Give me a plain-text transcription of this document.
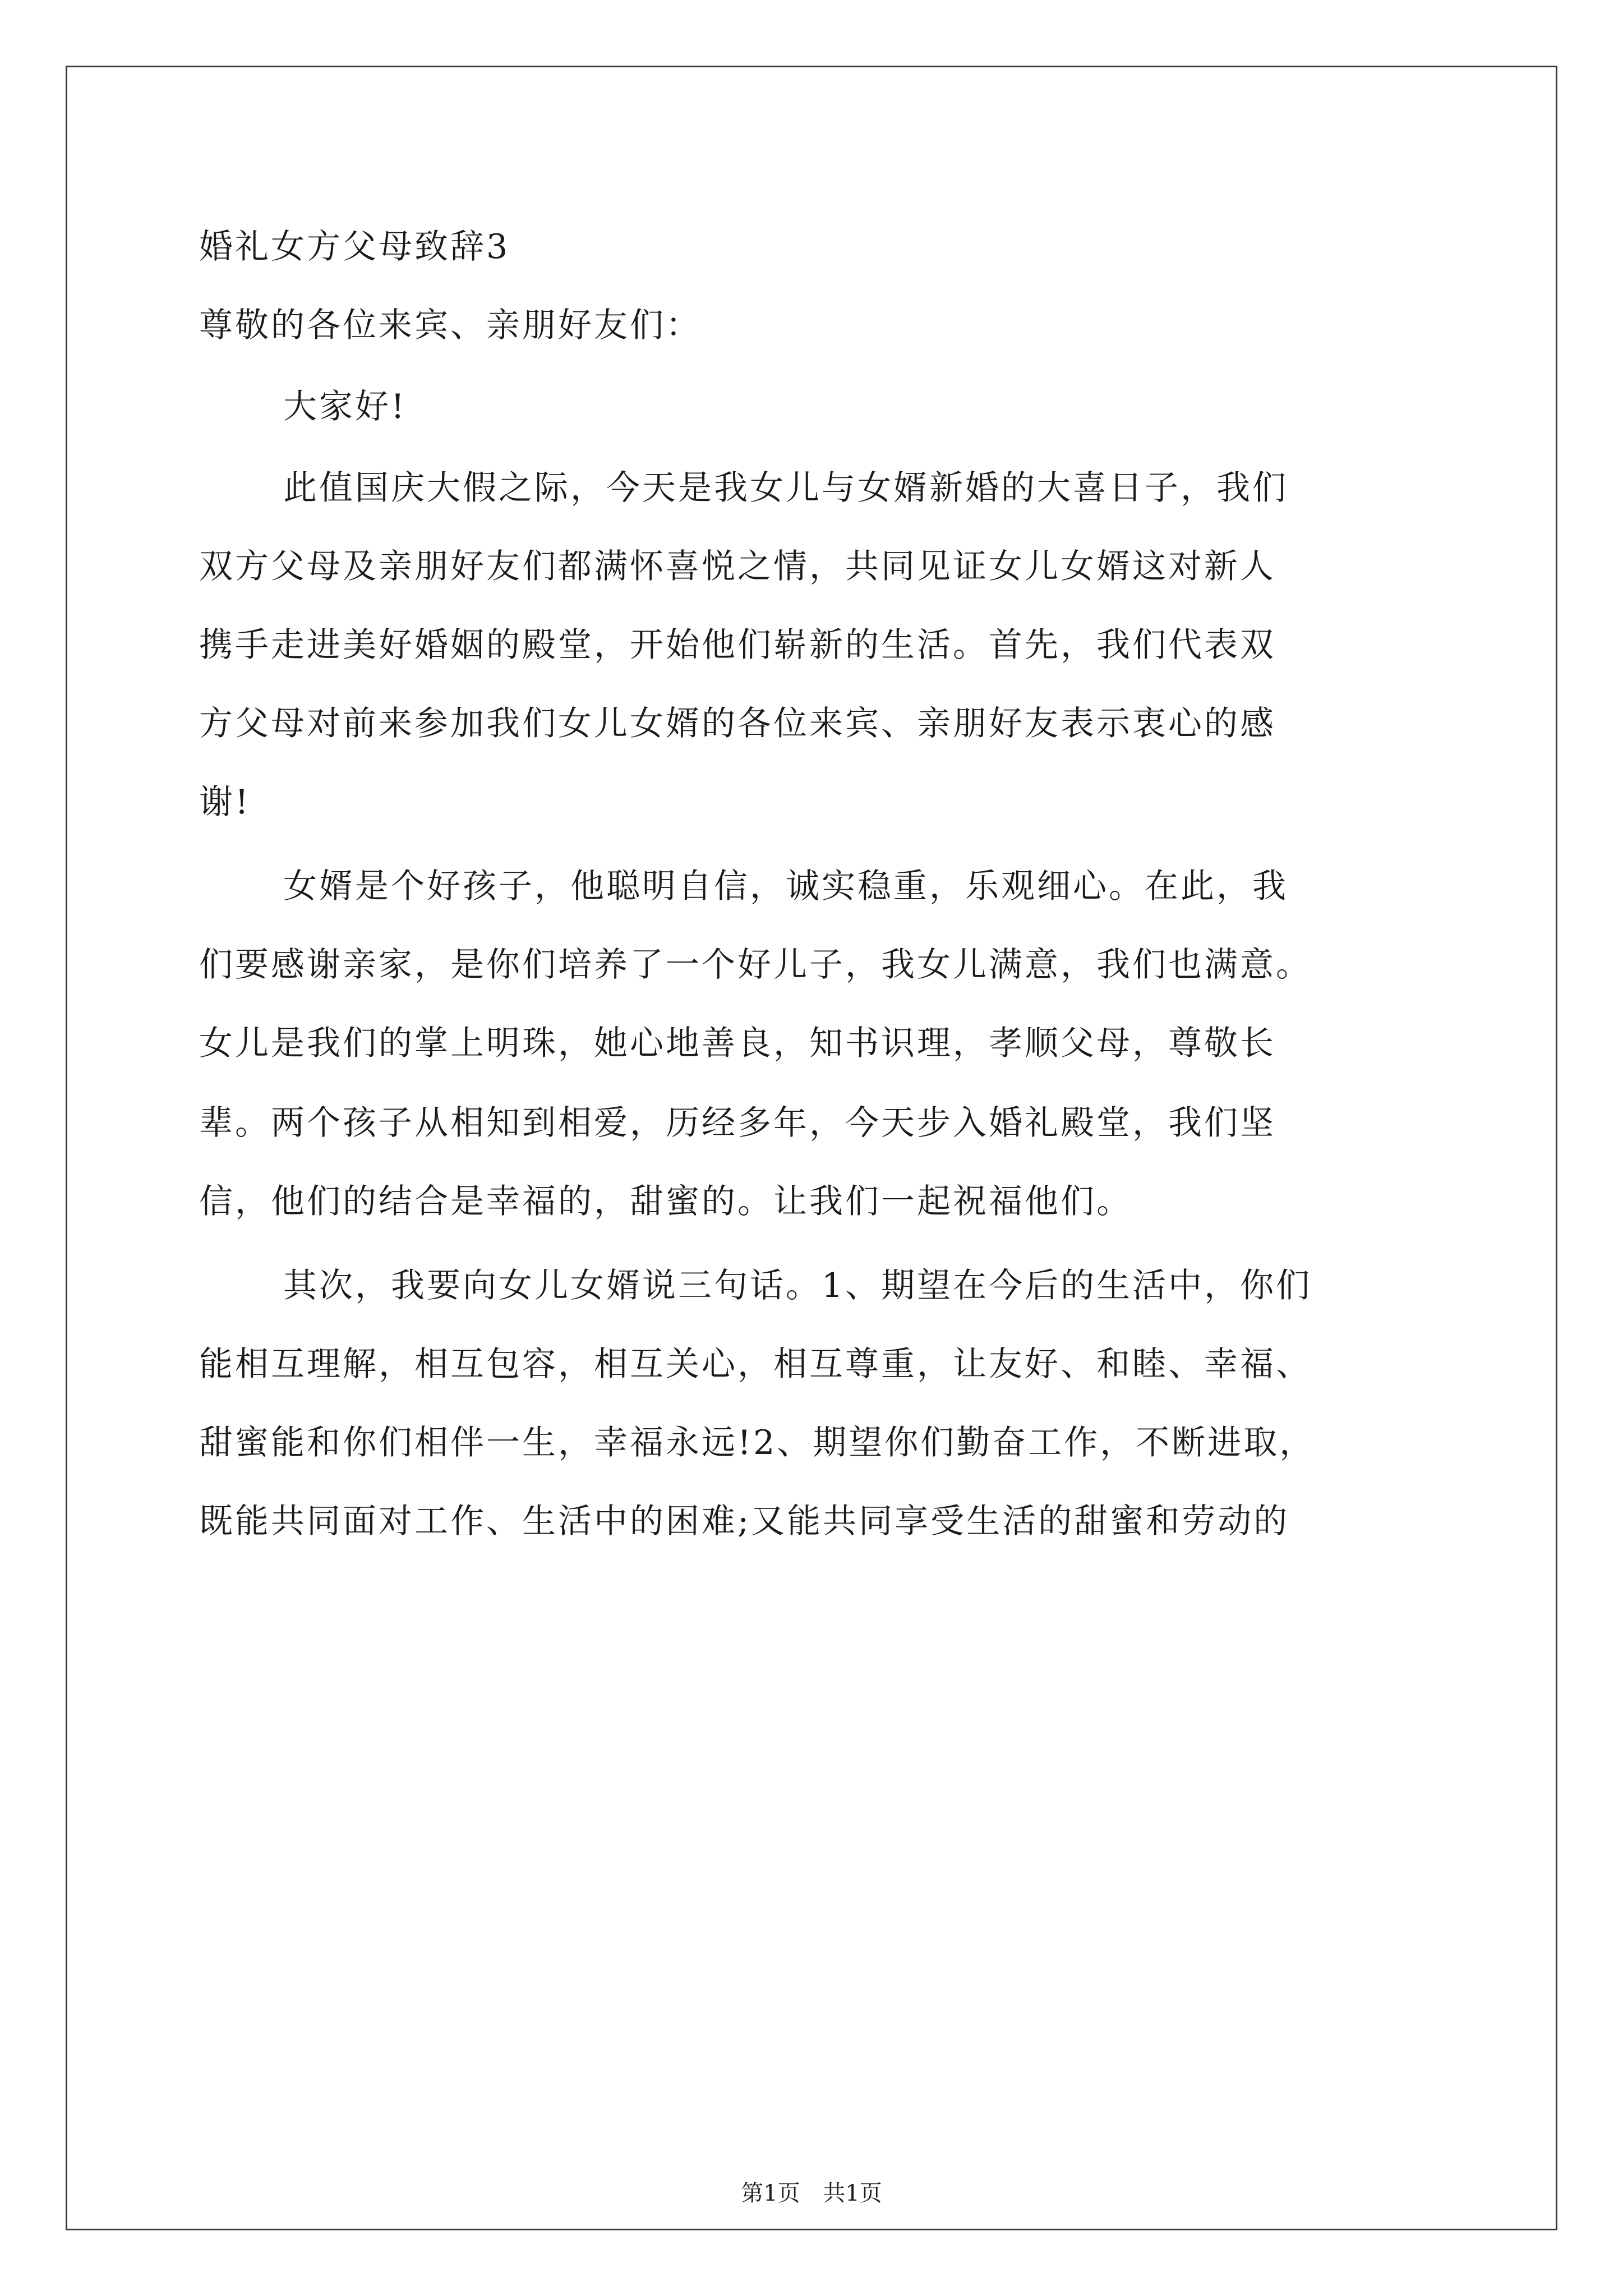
婚礼女方父母致辞3
尊敬的各位来宾、亲朋好友们：
大家好!
此值国庆大假之际，今天是我女儿与女婿新婚的大喜日子，我们
双方父母及亲朋好友们都满怀喜悦之情，共同见证女儿女婿这对新人
携手走进美好婚姻的殿堂，开始他们崭新的生活。首先，我们代表双
方父母对前来参加我们女儿女婿的各位来宾、亲朋好友表示衷心的感
谢!
女婿是个好孩子，他聪明自信，诚实稳重，乐观细心。在此，我
们要感谢亲家，是你们培养了一个好儿子，我女儿满意，我们也满意。
女儿是我们的掌上明珠，她心地善良，知书识理，孝顺父母，尊敬长
辈。两个孩子从相知到相爱，历经多年，今天步入婚礼殿堂，我们坚
信，他们的结合是幸福的，甜蜜的。让我们一起祝福他们。
其次，我要向女儿女婿说三句话。1、期望在今后的生活中，你们
能相互理解，相互包容，相互关心，相互尊重，让友好、和睦、幸福、
甜蜜能和你们相伴一生，幸福永远!2、期望你们勤奋工作，不断进取，
既能共同面对工作、生活中的困难;又能共同享受生活的甜蜜和劳动的
第1页 共1页
